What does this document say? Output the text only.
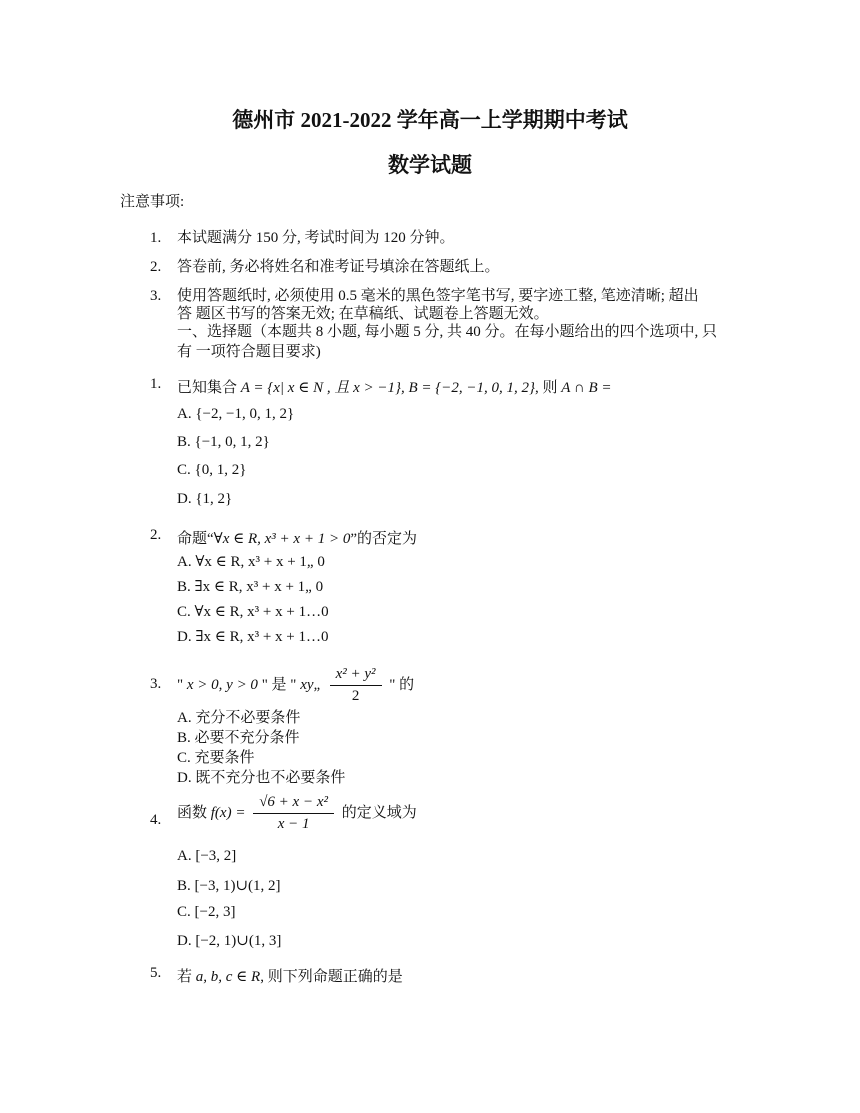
德州市 2021-2022 学年高一上学期期中考试
数学试题
注意事项:
1. 本试题满分 150 分, 考试时间为 120 分钟。
2. 答卷前, 务必将姓名和准考证号填涂在答题纸上。
3. 使用答题纸时, 必须使用 0.5 毫米的黑色签字笔书写, 要字迹工整, 笔迹清晰; 超出
答 题区书写的答案无效; 在草稿纸、试题卷上答题无效。
一、选择题（本题共 8 小题, 每小题 5 分, 共 40 分。在每小题给出的四个选项中, 只
有 一项符合题目要求)
1. 已知集合 A = {x| x ∈ N , 且 x > −1}, B = {−2, −1, 0, 1, 2}, 则 A ∩ B =
A. {−2, −1, 0, 1, 2}
B. {−1, 0, 1, 2}
C. {0, 1, 2}
D. {1, 2}
2. 命题“∀x ∈ R, x³ + x + 1 > 0”的否定为
A. ∀x ∈ R, x³ + x + 1„ 0
B. ∃x ∈ R, x³ + x + 1„ 0
C. ∀x ∈ R, x³ + x + 1…0
D. ∃x ∈ R, x³ + x + 1…0
3. " x > 0, y > 0 " 是 " xy„ $\frac{\text{x² + y²}}{2}$ " 的
A. 充分不必要条件
B. 必要不充分条件
C. 充要条件
D. 既不充分也不必要条件
4. 函数 $f(x) = \frac{\text{√6 + x − x²}}{x - 1}$ 的定义域为
A. [−3, 2]
B. [−3, 1)∪(1, 2]
C. [−2, 3]
D. [−2, 1)∪(1, 3]
5. 若 a, b, c ∈ R, 则下列命题正确的是
